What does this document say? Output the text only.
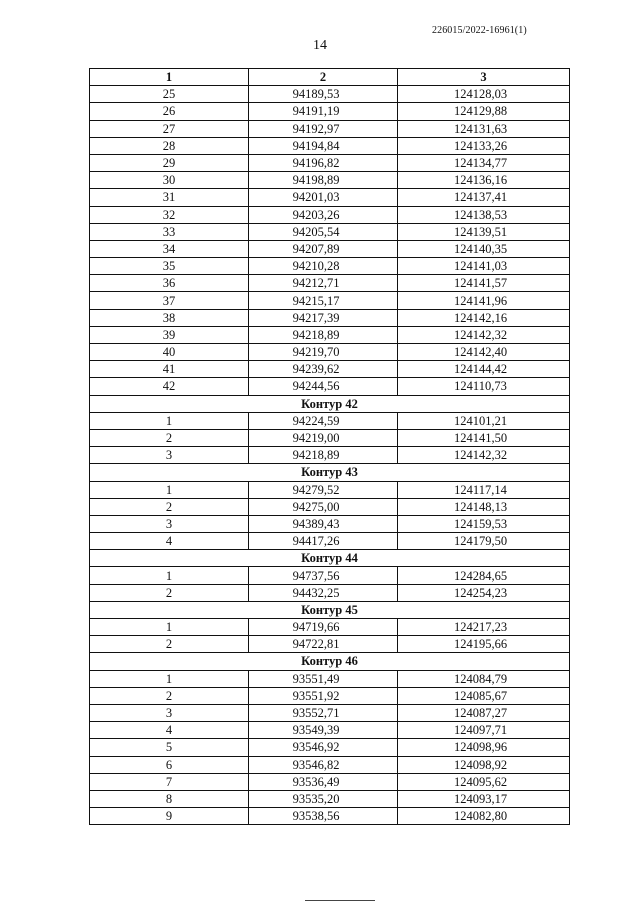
226015/2022-16961(1)
14
1	2	3
25	94189,53	124128,03
26	94191,19	124129,88
27	94192,97	124131,63
28	94194,84	124133,26
29	94196,82	124134,77
30	94198,89	124136,16
31	94201,03	124137,41
32	94203,26	124138,53
33	94205,54	124139,51
34	94207,89	124140,35
35	94210,28	124141,03
36	94212,71	124141,57
37	94215,17	124141,96
38	94217,39	124142,16
39	94218,89	124142,32
40	94219,70	124142,40
41	94239,62	124144,42
42	94244,56	124110,73
Контур 42		
1	94224,59	124101,21
2	94219,00	124141,50
3	94218,89	124142,32
Контур 43		
1	94279,52	124117,14
2	94275,00	124148,13
3	94389,43	124159,53
4	94417,26	124179,50
Контур 44		
1	94737,56	124284,65
2	94432,25	124254,23
Контур 45		
1	94719,66	124217,23
2	94722,81	124195,66
Контур 46		
1	93551,49	124084,79
2	93551,92	124085,67
3	93552,71	124087,27
4	93549,39	124097,71
5	93546,92	124098,96
6	93546,82	124098,92
7	93536,49	124095,62
8	93535,20	124093,17
9	93538,56	124082,80
